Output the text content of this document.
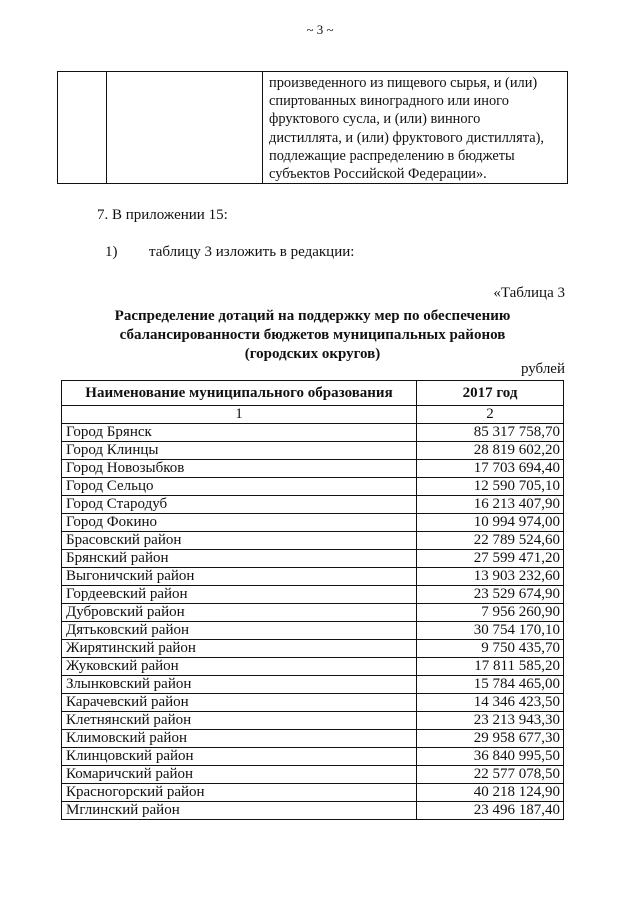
~ 3 ~

произведенного из пищевого сырья, и (или)
спиртованных виноградного или иного
фруктового сусла, и (или) винного
дистиллята, и (или) фруктового дистиллята),
подлежащие распределению в бюджеты
субъектов Российской Федерации».
7. В приложении 15:
1) таблицу 3 изложить в редакции:
«Таблица 3
Распределение дотаций на поддержку мер по обеспечению
сбалансированности бюджетов муниципальных районов
(городских округов)
рублей
Наименование муниципального образования	2017 год
1	2
Город Брянск	85 317 758,70
Город Клинцы	28 819 602,20
Город Новозыбков	17 703 694,40
Город Сельцо	12 590 705,10
Город Стародуб	16 213 407,90
Город Фокино	10 994 974,00
Брасовский район	22 789 524,60
Брянский район	27 599 471,20
Выгоничский район	13 903 232,60
Гордеевский район	23 529 674,90
Дубровский район	7 956 260,90
Дятьковский район	30 754 170,10
Жирятинский район	9 750 435,70
Жуковский район	17 811 585,20
Злынковский район	15 784 465,00
Карачевский район	14 346 423,50
Клетнянский район	23 213 943,30
Климовский район	29 958 677,30
Клинцовский район	36 840 995,50
Комаричский район	22 577 078,50
Красногорский район	40 218 124,90
Мглинский район	23 496 187,40
